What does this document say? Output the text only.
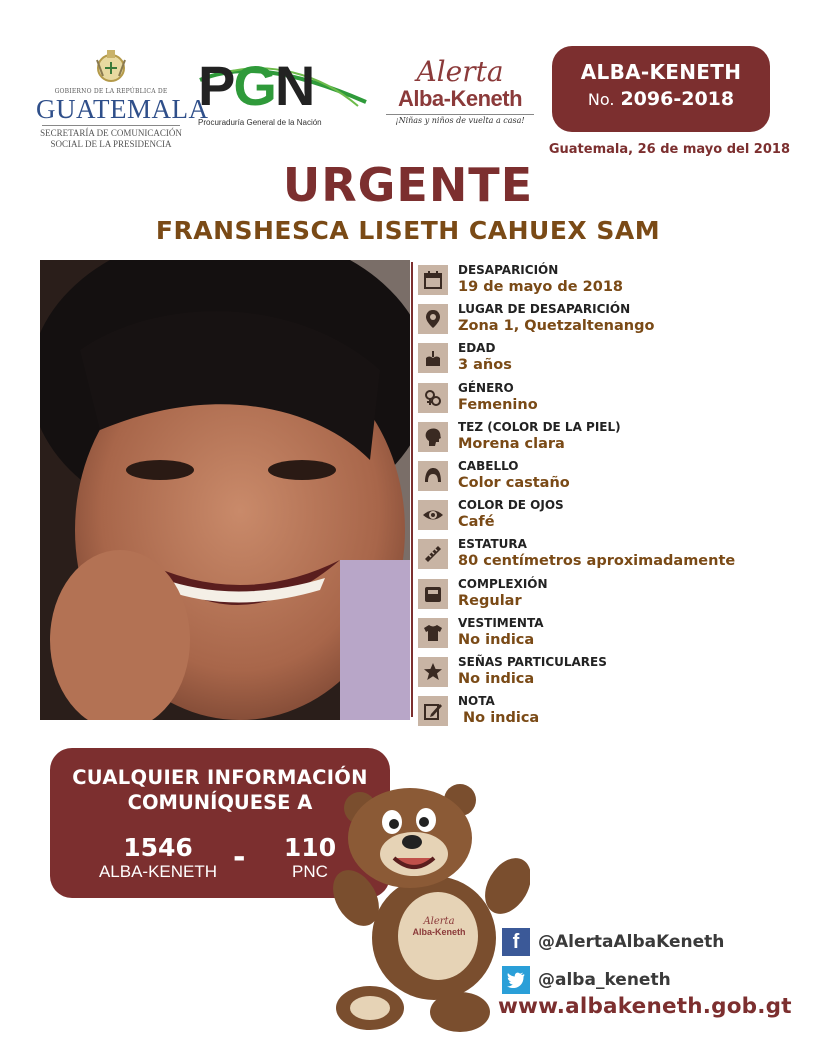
GOBIERNO DE LA REPÚBLICA DE
GUATEMALA
SECRETARÍA DE COMUNICACIÓN
SOCIAL DE LA PRESIDENCIA
PGN
Procuraduría General de la Nación
Alerta
Alba-Keneth
¡Niñas y niños de vuelta a casa!
ALBA-KENETH
No. 2096-2018
Guatemala, 26 de mayo del 2018
URGENTE
FRANSHESCA LISETH CAHUEX SAM
DESAPARICIÓN
19 de mayo de 2018
LUGAR DE DESAPARICIÓN
Zona 1, Quetzaltenango
EDAD
3 años
GÉNERO
Femenino
TEZ (COLOR DE LA PIEL)
Morena clara
CABELLO
Color castaño
COLOR DE OJOS
Café
ESTATURA
80 centímetros aproximadamente
COMPLEXIÓN
Regular
VESTIMENTA
No indica
SEÑAS PARTICULARES
No indica
NOTA
No indica
CUALQUIER INFORMACIÓN
COMUNÍQUESE A
1546
ALBA-KENETH -	110
PNC
Alerta
Alba-Keneth	f	@AlertaAlbaKeneth
@alba_keneth
www.albakeneth.gob.gt
